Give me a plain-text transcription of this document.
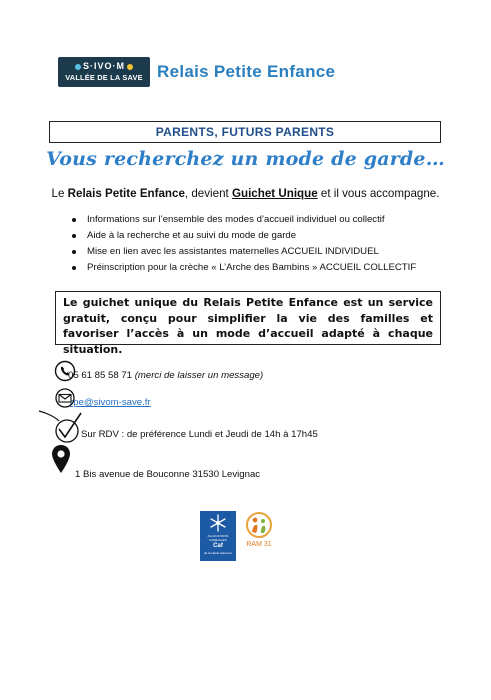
S·IVO·M
VALLÉE DE LA SAVE Relais Petite Enfance
PARENTS, FUTURS PARENTS
Vous recherchez un mode de garde…
Le Relais Petite Enfance, devient Guichet Unique et il vous accompagne.
Informations sur l’ensemble des modes d’accueil individuel ou collectif
Aide à la recherche et au suivi du mode de garde
Mise en lien avec les assistantes maternelles ACCUEIL INDIVIDUEL
Préinscription pour la crèche « L’Arche des Bambins » ACCUEIL COLLECTIF
Le guichet unique du Relais Petite Enfance est un service gratuit, conçu pour simplifier la vie des familles et favoriser l’accès à un mode d’accueil adapté à chaque situation.
05 61 85 58 71
(merci de laisser un message)
rpe@sivom-save.fr
Sur RDV : de préférence Lundi et Jeudi de 14h à 17h45
1 Bis avenue de Bouconne 31530 Levignac
ALLOCATIONS FAMILIALES
Caf
de la Haute-Garonne
RAM 31
